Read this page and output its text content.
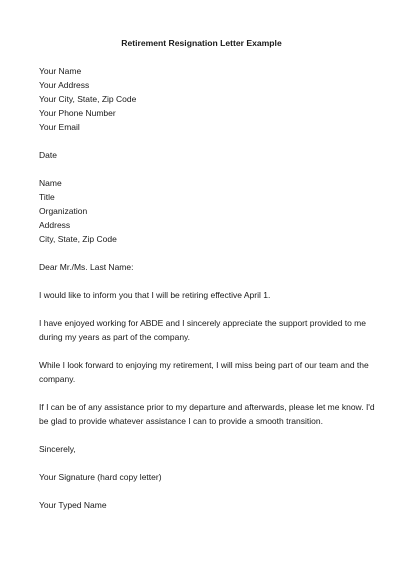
Retirement Resignation Letter Example
Your Name
Your Address
Your City, State, Zip Code
Your Phone Number
Your Email
Date
Name
Title
Organization
Address
City, State, Zip Code
Dear Mr./Ms. Last Name:
I would like to inform you that I will be retiring effective April 1.
I have enjoyed working for ABDE and I sincerely appreciate the support provided to me
during my years as part of the company.
While I look forward to enjoying my retirement, I will miss being part of our team and the
company.
If I can be of any assistance prior to my departure and afterwards, please let me know. I'd
be glad to provide whatever assistance I can to provide a smooth transition.
Sincerely,
Your Signature (hard copy letter)
Your Typed Name
